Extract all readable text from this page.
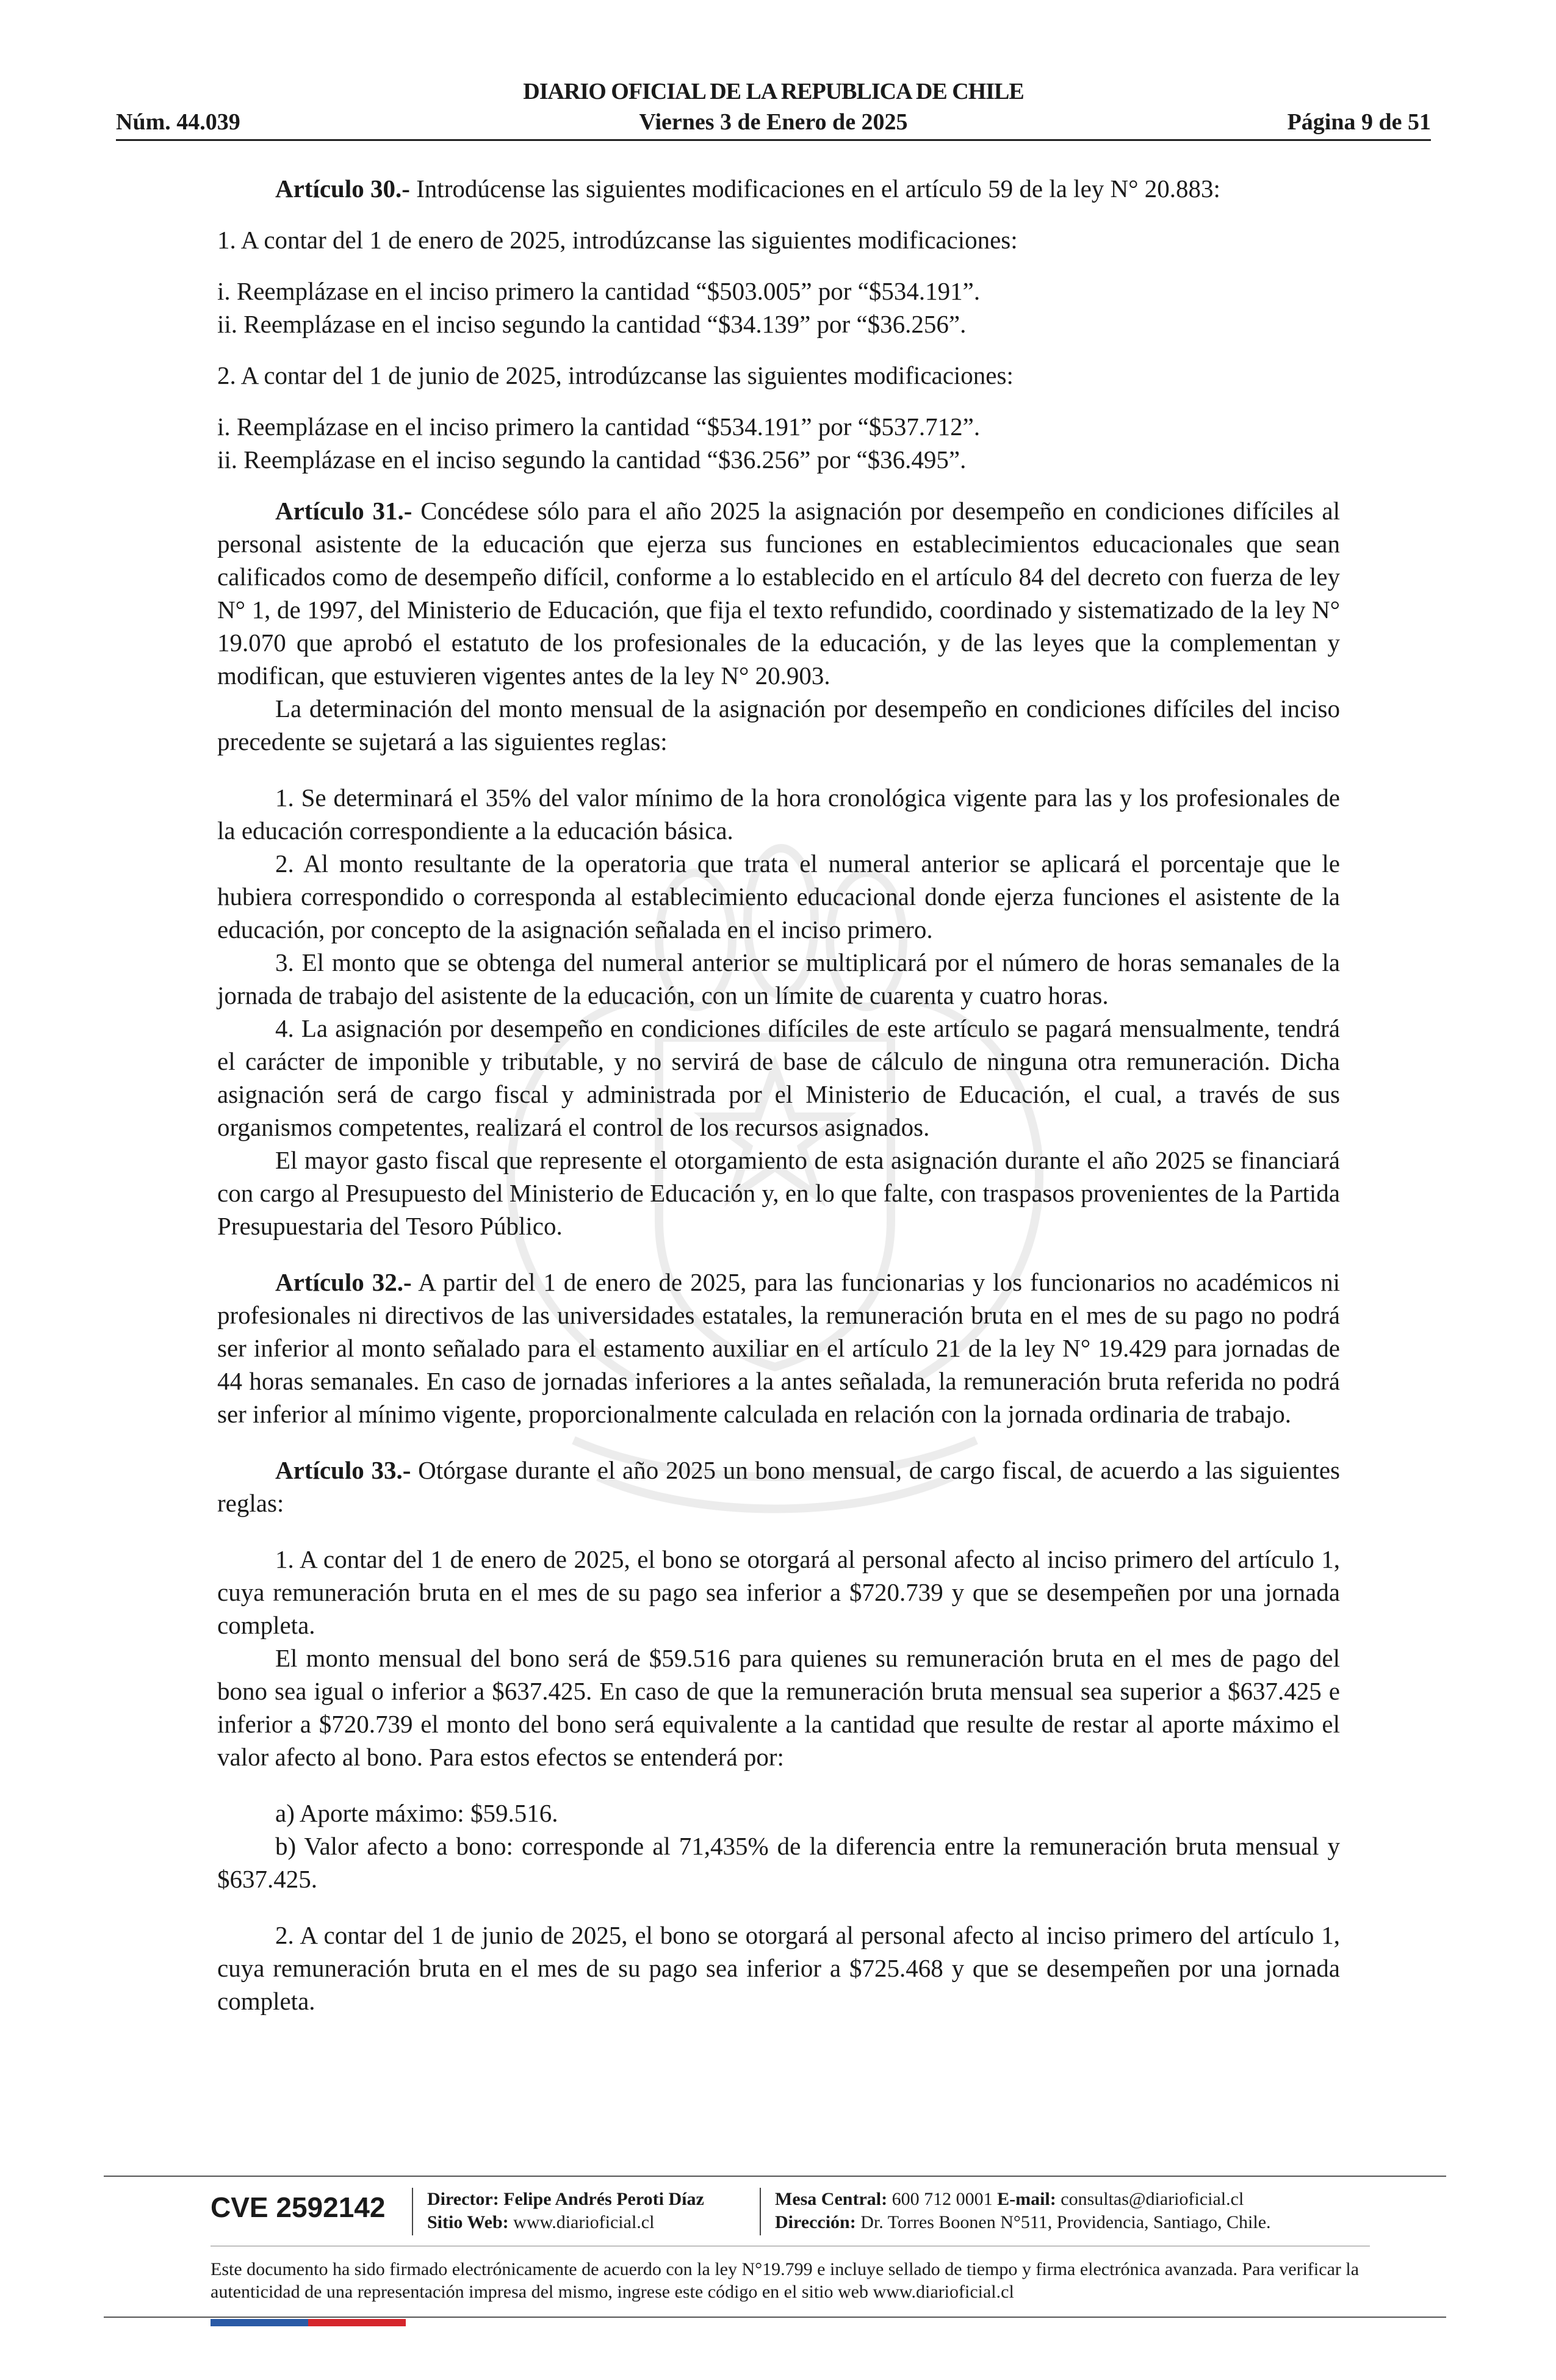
DIARIO OFICIAL DE LA REPUBLICA DE CHILE
Núm. 44.039	Viernes 3 de Enero de 2025	Página 9 de 51

Artículo 30.- Introdúcense las siguientes modificaciones en el artículo 59 de la ley N° 20.883:

1. A contar del 1 de enero de 2025, introdúzcanse las siguientes modificaciones:

i. Reemplázase en el inciso primero la cantidad “$503.005” por “$534.191”.

ii. Reemplázase en el inciso segundo la cantidad “$34.139” por “$36.256”.

2. A contar del 1 de junio de 2025, introdúzcanse las siguientes modificaciones:

i. Reemplázase en el inciso primero la cantidad “$534.191” por “$537.712”.

ii. Reemplázase en el inciso segundo la cantidad “$36.256” por “$36.495”.

Artículo 31.- Concédese sólo para el año 2025 la asignación por desempeño en condiciones difíciles al personal asistente de la educación que ejerza sus funciones en establecimientos educacionales que sean calificados como de desempeño difícil, conforme a lo establecido en el artículo 84 del decreto con fuerza de ley N° 1, de 1997, del Ministerio de Educación, que fija el texto refundido, coordinado y sistematizado de la ley N° 19.070 que aprobó el estatuto de los profesionales de la educación, y de las leyes que la complementan y modifican, que estuvieren vigentes antes de la ley N° 20.903.

La determinación del monto mensual de la asignación por desempeño en condiciones difíciles del inciso precedente se sujetará a las siguientes reglas:

1. Se determinará el 35% del valor mínimo de la hora cronológica vigente para las y los profesionales de la educación correspondiente a la educación básica.

2. Al monto resultante de la operatoria que trata el numeral anterior se aplicará el porcentaje que le hubiera correspondido o corresponda al establecimiento educacional donde ejerza funciones el asistente de la educación, por concepto de la asignación señalada en el inciso primero.

3. El monto que se obtenga del numeral anterior se multiplicará por el número de horas semanales de la jornada de trabajo del asistente de la educación, con un límite de cuarenta y cuatro horas.

4. La asignación por desempeño en condiciones difíciles de este artículo se pagará mensualmente, tendrá el carácter de imponible y tributable, y no servirá de base de cálculo de ninguna otra remuneración. Dicha asignación será de cargo fiscal y administrada por el Ministerio de Educación, el cual, a través de sus organismos competentes, realizará el control de los recursos asignados.

El mayor gasto fiscal que represente el otorgamiento de esta asignación durante el año 2025 se financiará con cargo al Presupuesto del Ministerio de Educación y, en lo que falte, con traspasos provenientes de la Partida Presupuestaria del Tesoro Público.

Artículo 32.- A partir del 1 de enero de 2025, para las funcionarias y los funcionarios no académicos ni profesionales ni directivos de las universidades estatales, la remuneración bruta en el mes de su pago no podrá ser inferior al monto señalado para el estamento auxiliar en el artículo 21 de la ley N° 19.429 para jornadas de 44 horas semanales. En caso de jornadas inferiores a la antes señalada, la remuneración bruta referida no podrá ser inferior al mínimo vigente, proporcionalmente calculada en relación con la jornada ordinaria de trabajo.

Artículo 33.- Otórgase durante el año 2025 un bono mensual, de cargo fiscal, de acuerdo a las siguientes reglas:

1. A contar del 1 de enero de 2025, el bono se otorgará al personal afecto al inciso primero del artículo 1, cuya remuneración bruta en el mes de su pago sea inferior a $720.739 y que se desempeñen por una jornada completa.

El monto mensual del bono será de $59.516 para quienes su remuneración bruta en el mes de pago del bono sea igual o inferior a $637.425. En caso de que la remuneración bruta mensual sea superior a $637.425 e inferior a $720.739 el monto del bono será equivalente a la cantidad que resulte de restar al aporte máximo el valor afecto al bono. Para estos efectos se entenderá por:

a) Aporte máximo: $59.516.

b) Valor afecto a bono: corresponde al 71,435% de la diferencia entre la remuneración bruta mensual y $637.425.

2. A contar del 1 de junio de 2025, el bono se otorgará al personal afecto al inciso primero del artículo 1, cuya remuneración bruta en el mes de su pago sea inferior a $725.468 y que se desempeñen por una jornada completa.

CVE 2592142 Director: Felipe Andrés Peroti Díaz
Sitio Web: www.diarioficial.cl
Mesa Central: 600 712 0001 E-mail: consultas@diarioficial.cl
Dirección: Dr. Torres Boonen N°511, Providencia, Santiago, Chile.
Este documento ha sido firmado electrónicamente de acuerdo con la ley N°19.799 e incluye sellado de tiempo y firma electrónica avanzada. Para verificar la autenticidad de una representación impresa del mismo, ingrese este código en el sitio web www.diarioficial.cl
